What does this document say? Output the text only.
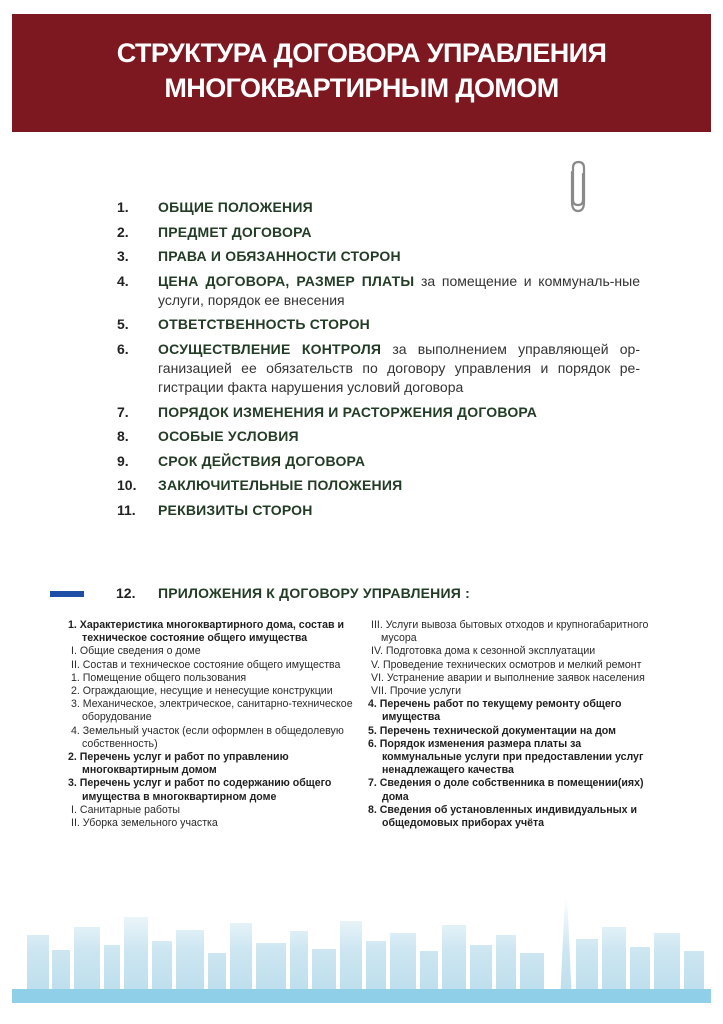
СТРУКТУРА ДОГОВОРА УПРАВЛЕНИЯ
МНОГОКВАРТИРНЫМ ДОМОМ
1. ОБЩИЕ ПОЛОЖЕНИЯ
2. ПРЕДМЕТ ДОГОВОРА
3. ПРАВА И ОБЯЗАННОСТИ СТОРОН
4. ЦЕНА ДОГОВОРА, РАЗМЕР ПЛАТЫ за помещение и коммуналь-ные услуги, порядок ее внесения
5. ОТВЕТСТВЕННОСТЬ СТОРОН
6. ОСУЩЕСТВЛЕНИЕ КОНТРОЛЯ за выполнением управляющей ор-ганизацией ее обязательств по договору управления и порядок ре-гистрации факта нарушения условий договора
7. ПОРЯДОК ИЗМЕНЕНИЯ И РАСТОРЖЕНИЯ ДОГОВОРА
8. ОСОБЫЕ УСЛОВИЯ
9. СРОК ДЕЙСТВИЯ ДОГОВОРА
10. ЗАКЛЮЧИТЕЛЬНЫЕ ПОЛОЖЕНИЯ
11. РЕКВИЗИТЫ СТОРОН
12. ПРИЛОЖЕНИЯ К ДОГОВОРУ УПРАВЛЕНИЯ :
1. Характеристика многоквартирного дома, состав и техническое состояние общего имущества
I. Общие сведения о доме
II. Состав и техническое состояние общего имущества
1. Помещение общего пользования
2. Ограждающие, несущие и ненесущие конструкции
3. Механическое, электрическое, санитарно-техническое оборудование
4. Земельный участок (если оформлен в общедолевую собственность)
2. Перечень услуг и работ по управлению многоквартирным домом
3. Перечень услуг и работ по содержанию общего имущества в многоквартирном доме
I. Санитарные работы
II. Уборка земельного участка
III. Услуги вывоза бытовых отходов и крупногабаритного мусора
IV. Подготовка дома к сезонной эксплуатации
V. Проведение технических осмотров и мелкий ремонт
VI. Устранение аварии и выполнение заявок населения
VII. Прочие услуги
4. Перечень работ по текущему ремонту общего имущества
5. Перечень технической документации на дом
6. Порядок изменения размера платы за коммунальные услуги при предоставлении услуг ненадлежащего качества
7. Сведения о доле собственника в помещении(иях) дома
8. Сведения об установленных индивидуальных и общедомовых приборах учёта
